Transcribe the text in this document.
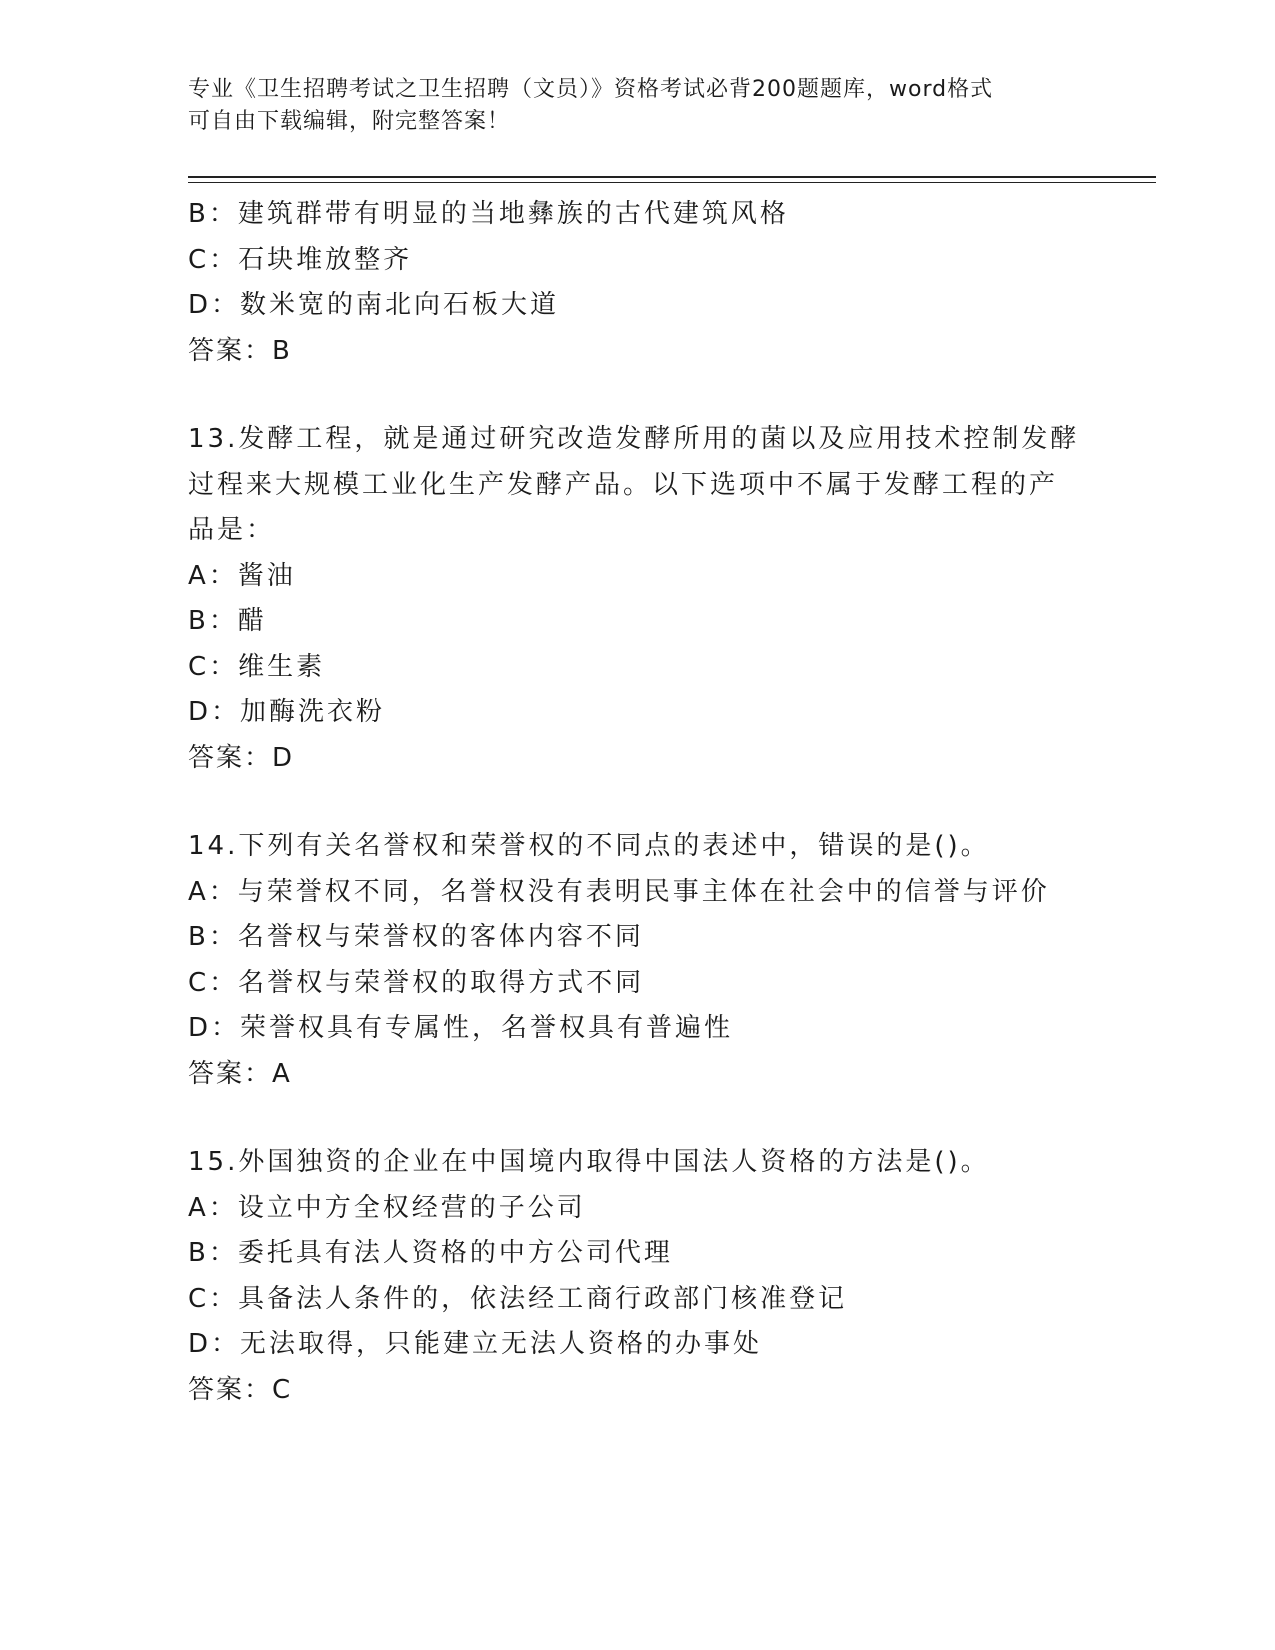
专业《卫生招聘考试之卫生招聘（文员）》资格考试必背200题题库，word格式
可自由下载编辑，附完整答案！
B：建筑群带有明显的当地彝族的古代建筑风格
C：石块堆放整齐
D：数米宽的南北向石板大道
答案：B
13.发酵工程，就是通过研究改造发酵所用的菌以及应用技术控制发酵
过程来大规模工业化生产发酵产品。以下选项中不属于发酵工程的产
品是：
A：酱油
B：醋
C：维生素
D：加酶洗衣粉
答案：D
14.下列有关名誉权和荣誉权的不同点的表述中，错误的是()。
A：与荣誉权不同，名誉权没有表明民事主体在社会中的信誉与评价
B：名誉权与荣誉权的客体内容不同
C：名誉权与荣誉权的取得方式不同
D：荣誉权具有专属性，名誉权具有普遍性
答案：A
15.外国独资的企业在中国境内取得中国法人资格的方法是()。
A：设立中方全权经营的子公司
B：委托具有法人资格的中方公司代理
C：具备法人条件的，依法经工商行政部门核准登记
D：无法取得，只能建立无法人资格的办事处
答案：C
